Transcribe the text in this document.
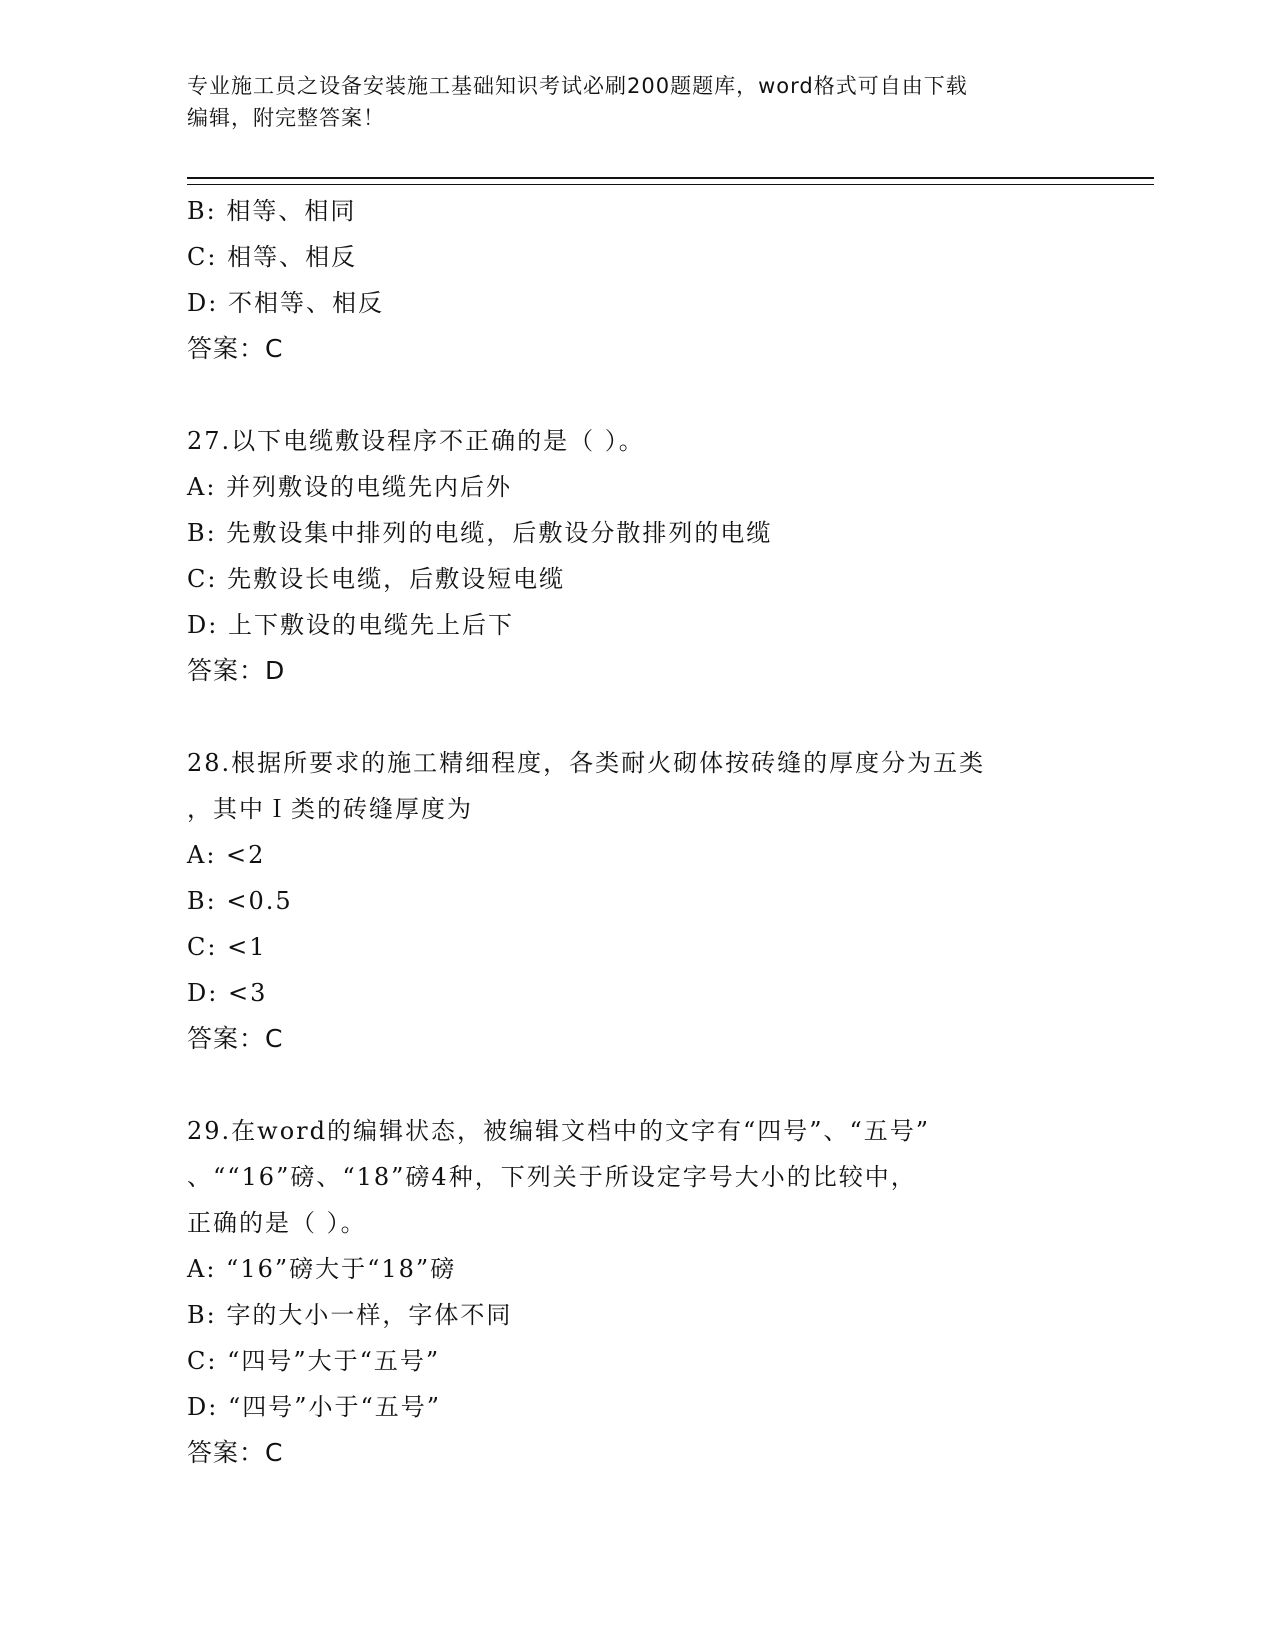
专业施工员之设备安装施工基础知识考试必刷200题题库，word格式可自由下载
编辑，附完整答案！
B: 相等、相同
C: 相等、相反
D: 不相等、相反
答案：C
27.以下电缆敷设程序不正确的是（ ）。
A: 并列敷设的电缆先内后外
B: 先敷设集中排列的电缆，后敷设分散排列的电缆
C: 先敷设长电缆，后敷设短电缆
D: 上下敷设的电缆先上后下
答案：D
28.根据所要求的施工精细程度，各类耐火砌体按砖缝的厚度分为五类
，其中Ｉ类的砖缝厚度为
A: <2
B: <0.5
C: <1
D: <3
答案：C
29.在word的编辑状态，被编辑文档中的文字有“四号”、“五号”
、““16”磅、“18”磅4种，下列关于所设定字号大小的比较中，
正确的是（ ）。
A: “16”磅大于“18”磅
B: 字的大小一样，字体不同
C: “四号”大于“五号”
D: “四号”小于“五号”
答案：C
